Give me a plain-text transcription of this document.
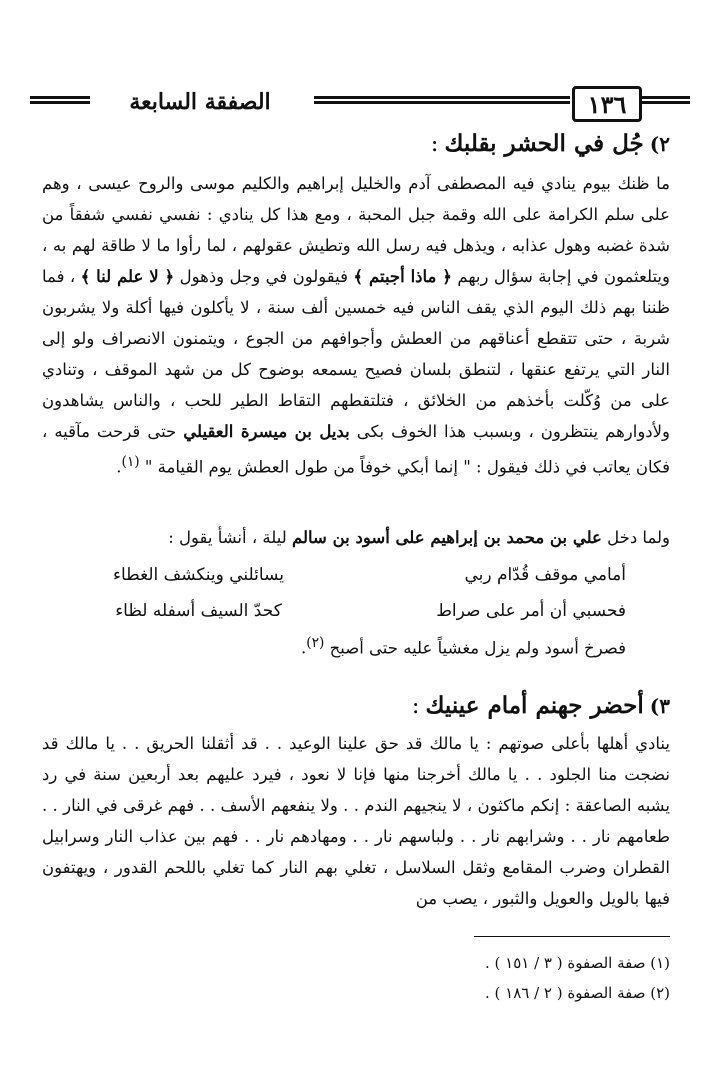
١٣٦
الصفقة السابعة
٢)جُل في الحشر بقلبك:
ما ظنك بيوم ينادي فيه المصطفى آدم والخليل إبراهيم والكليم موسى والروح عيسى ، وهم على سلم الكرامة على الله وقمة جبل المحبة ، ومع هذا كل ينادي : نفسي نفسي شفقاً من شدة غضبه وهول عذابه ، ويذهل فيه رسل الله وتطيش عقولهم ، لما رأوا ما لا طاقة لهم به ، ويتلعثمون في إجابة سؤال ربهم ﴿ ماذا أجبتم ﴾ فيقولون في وجل وذهول ﴿ لا علم لنا ﴾ ، فما ظننا بهم ذلك اليوم الذي يقف الناس فيه خمسين ألف سنة ، لا يأكلون فيها أكلة ولا يشربون شربة ، حتى تتقطع أعناقهم من العطش وأجوافهم من الجوع ، ويتمنون الانصراف ولو إلى النار التي يرتفع عنقها ، لتنطق بلسان فصيح يسمعه بوضوح كل من شهد الموقف ، وتنادي على من وُكّلت بأخذهم من الخلائق ، فتلتقطهم التقاط الطير للحب ، والناس يشاهدون ولأدوارهم ينتظرون ، وبسبب هذا الخوف بكى بديل بن ميسرة العقيلي حتى قرحت مآقيه ، فكان يعاتب في ذلك فيقول : " إنما أبكي خوفاً من طول العطش يوم القيامة " $^{(١)}$.
ولما دخل علي بن محمد بن إبراهيم على أسود بن سالم ليلة ، أنشأ يقول :
أمامي موقف قُدّام ربي
يسائلني وينكشف الغطاء
فحسبي أن أمر على صراط
كحدّ السيف أسفله لظاء
فصرخ أسود ولم يزل مغشياً عليه حتى أصبح $^{(٢)}$.
٣)أحضر جهنم أمام عينيك:
ينادي أهلها بأعلى صوتهم : يا مالك قد حق علينا الوعيد . . قد أثقلنا الحريق . . يا مالك قد نضجت منا الجلود . . يا مالك أخرجنا منها فإنا لا نعود ، فيرد عليهم بعد أربعين سنة في رد يشبه الصاعقة : إنكم ماكثون ، لا ينجيهم الندم . . ولا ينفعهم الأسف . . فهم غرقى في النار . . طعامهم نار . . وشرابهم نار . . ولباسهم نار . . ومهادهم نار . . فهم بين عذاب النار وسرابيل القطران وضرب المقامع وثقل السلاسل ، تغلي بهم النار كما تغلي باللحم القدور ، ويهتفون فيها بالويل والعويل والثبور ، يصب من
(١) صفة الصفوة ( ٣ / ١٥١ ) .
(٢) صفة الصفوة ( ٢ / ١٨٦ ) .
